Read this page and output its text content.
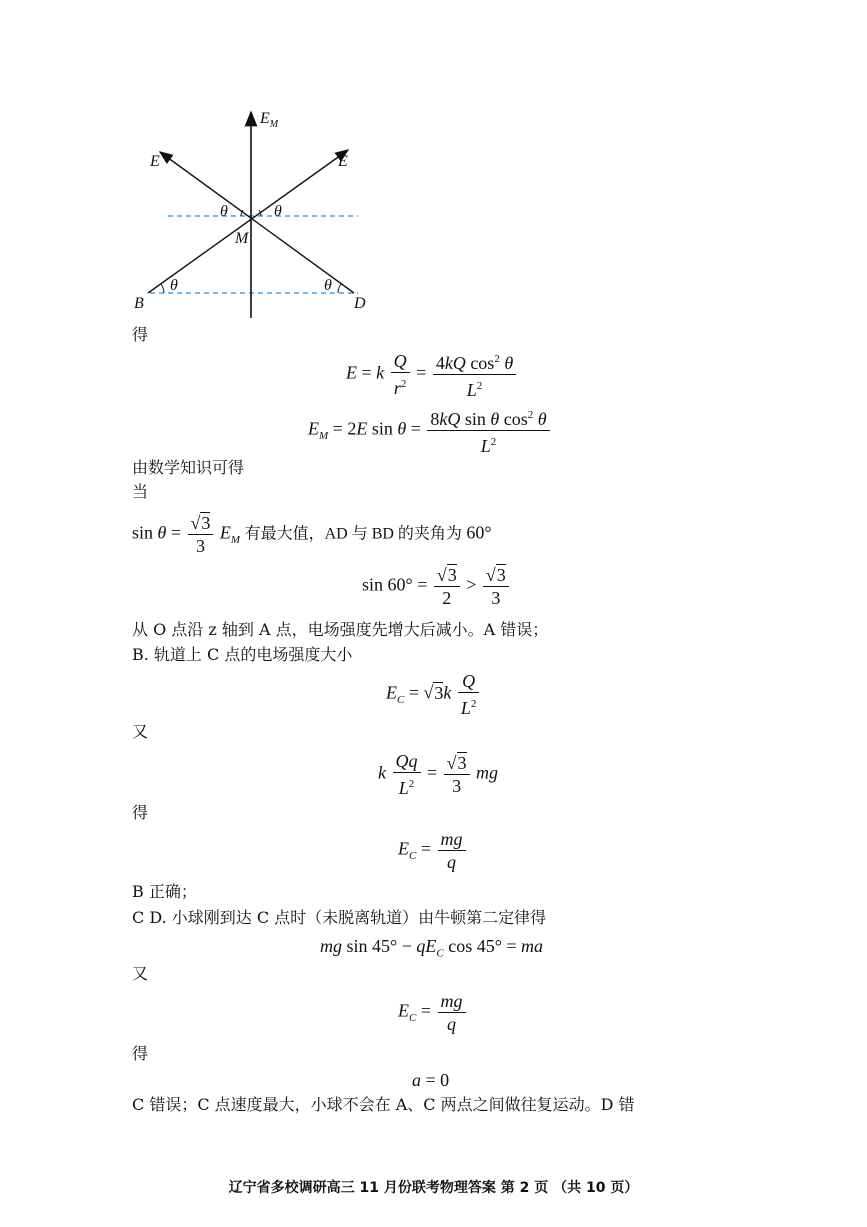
$E_M$
E	E
θ	θ
M
θ	θ
B	D
得
E = k $\frac{Q}{r^2} = \frac{4kQ \cos^2 \theta}{L^2}$
$E_M = 2E$ $\sin \theta = \frac{8kQ \sin \theta \cos^2 \theta}{L^2}$
由数学知识可得
当
$\sin \theta = \frac{√3}{3} E_M$ 有最大值，AD 与 BD 的夹角为 60°
$\sin 60^\circ = \frac{√3}{2} > \frac{√3}{3}$
从 O 点沿 z 轴到 A 点，电场强度先增大后减小。A 错误；
B. 轨道上 C 点的电场强度大小
$E_C = √3k \frac{Q}{L^2}$
又
k $\frac{Qq}{L^2} = \frac{√3}{3}$ mg
得
$E_C = \frac{mg}{q}$
B 正确；
C D. 小球刚到达 C 点时（未脱离轨道）由牛顿第二定律得
mg $\sin 45^\circ - qE_C$ cos 45° = ma
又
$E_C = \frac{mg}{q}$
得
a = 0
C 错误；C 点速度最大，小球不会在 A、C 两点之间做往复运动。D 错
辽宁省多校调研高三 11 月份联考物理答案 第 2 页 （共 10 页）
